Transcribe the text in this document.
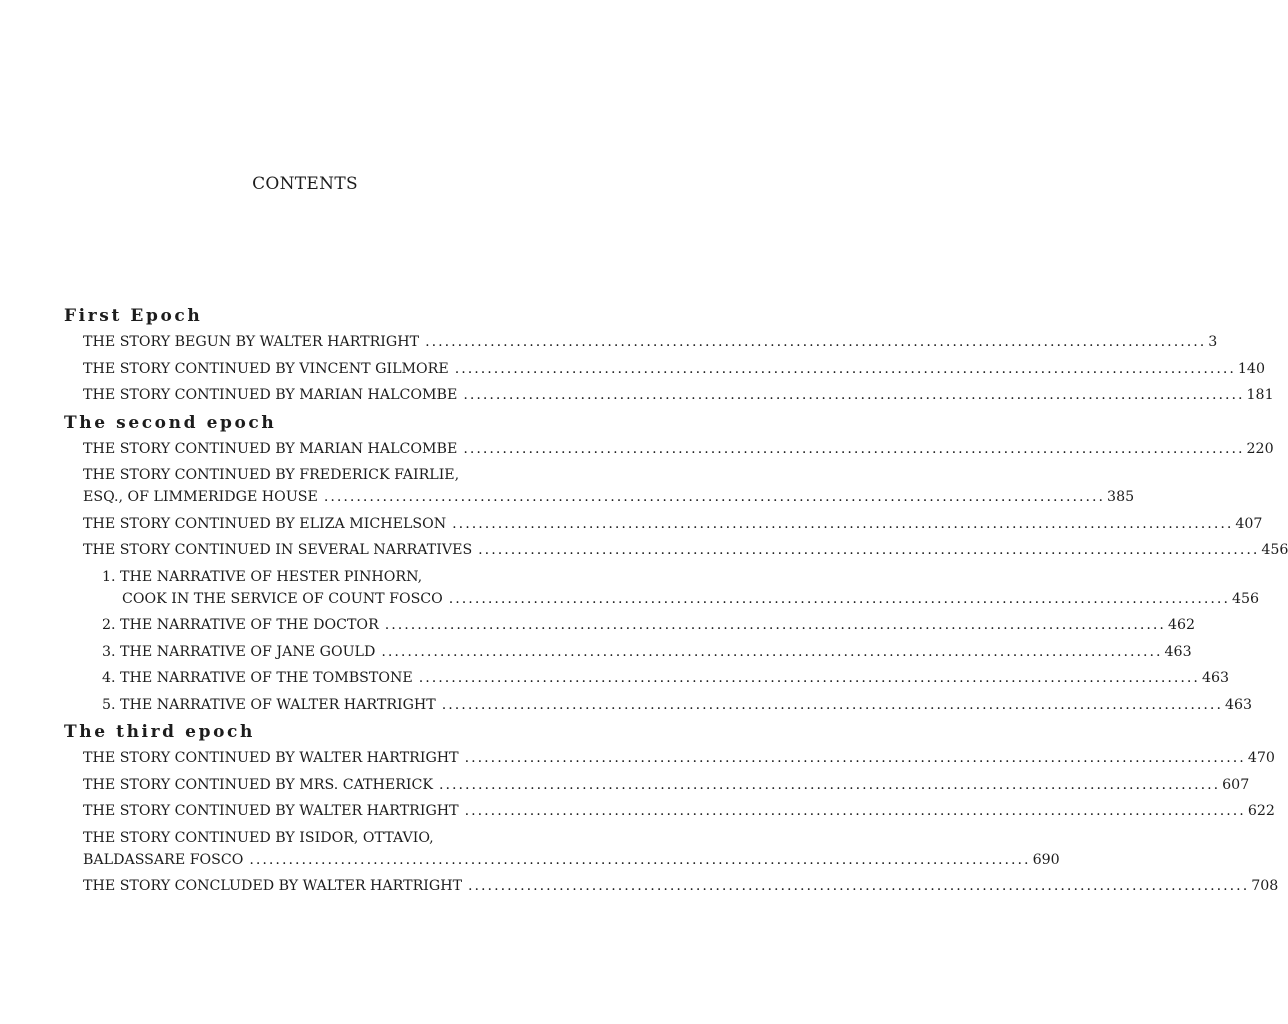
CONTENTS
First Epoch
THE STORY BEGUN BY WALTER HARTRIGHT ........................................................................................................................ 3
THE STORY CONTINUED BY VINCENT GILMORE ........................................................................................................................ 140
THE STORY CONTINUED BY MARIAN HALCOMBE ........................................................................................................................ 181
The second epoch
THE STORY CONTINUED BY MARIAN HALCOMBE ........................................................................................................................ 220
THE STORY CONTINUED BY FREDERICK FAIRLIE,
ESQ., OF LIMMERIDGE HOUSE ........................................................................................................................ 385
THE STORY CONTINUED BY ELIZA MICHELSON ........................................................................................................................ 407
THE STORY CONTINUED IN SEVERAL NARRATIVES ........................................................................................................................ 456
1. THE NARRATIVE OF HESTER PINHORN,
COOK IN THE SERVICE OF COUNT FOSCO ........................................................................................................................ 456
2. THE NARRATIVE OF THE DOCTOR ........................................................................................................................ 462
3. THE NARRATIVE OF JANE GOULD ........................................................................................................................ 463
4. THE NARRATIVE OF THE TOMBSTONE ........................................................................................................................ 463
5. THE NARRATIVE OF WALTER HARTRIGHT ........................................................................................................................ 463
The third epoch
THE STORY CONTINUED BY WALTER HARTRIGHT ........................................................................................................................ 470
THE STORY CONTINUED BY MRS. CATHERICK ........................................................................................................................ 607
THE STORY CONTINUED BY WALTER HARTRIGHT ........................................................................................................................ 622
THE STORY CONTINUED BY ISIDOR, OTTAVIO,
BALDASSARE FOSCO ........................................................................................................................ 690
THE STORY CONCLUDED BY WALTER HARTRIGHT ........................................................................................................................ 708
